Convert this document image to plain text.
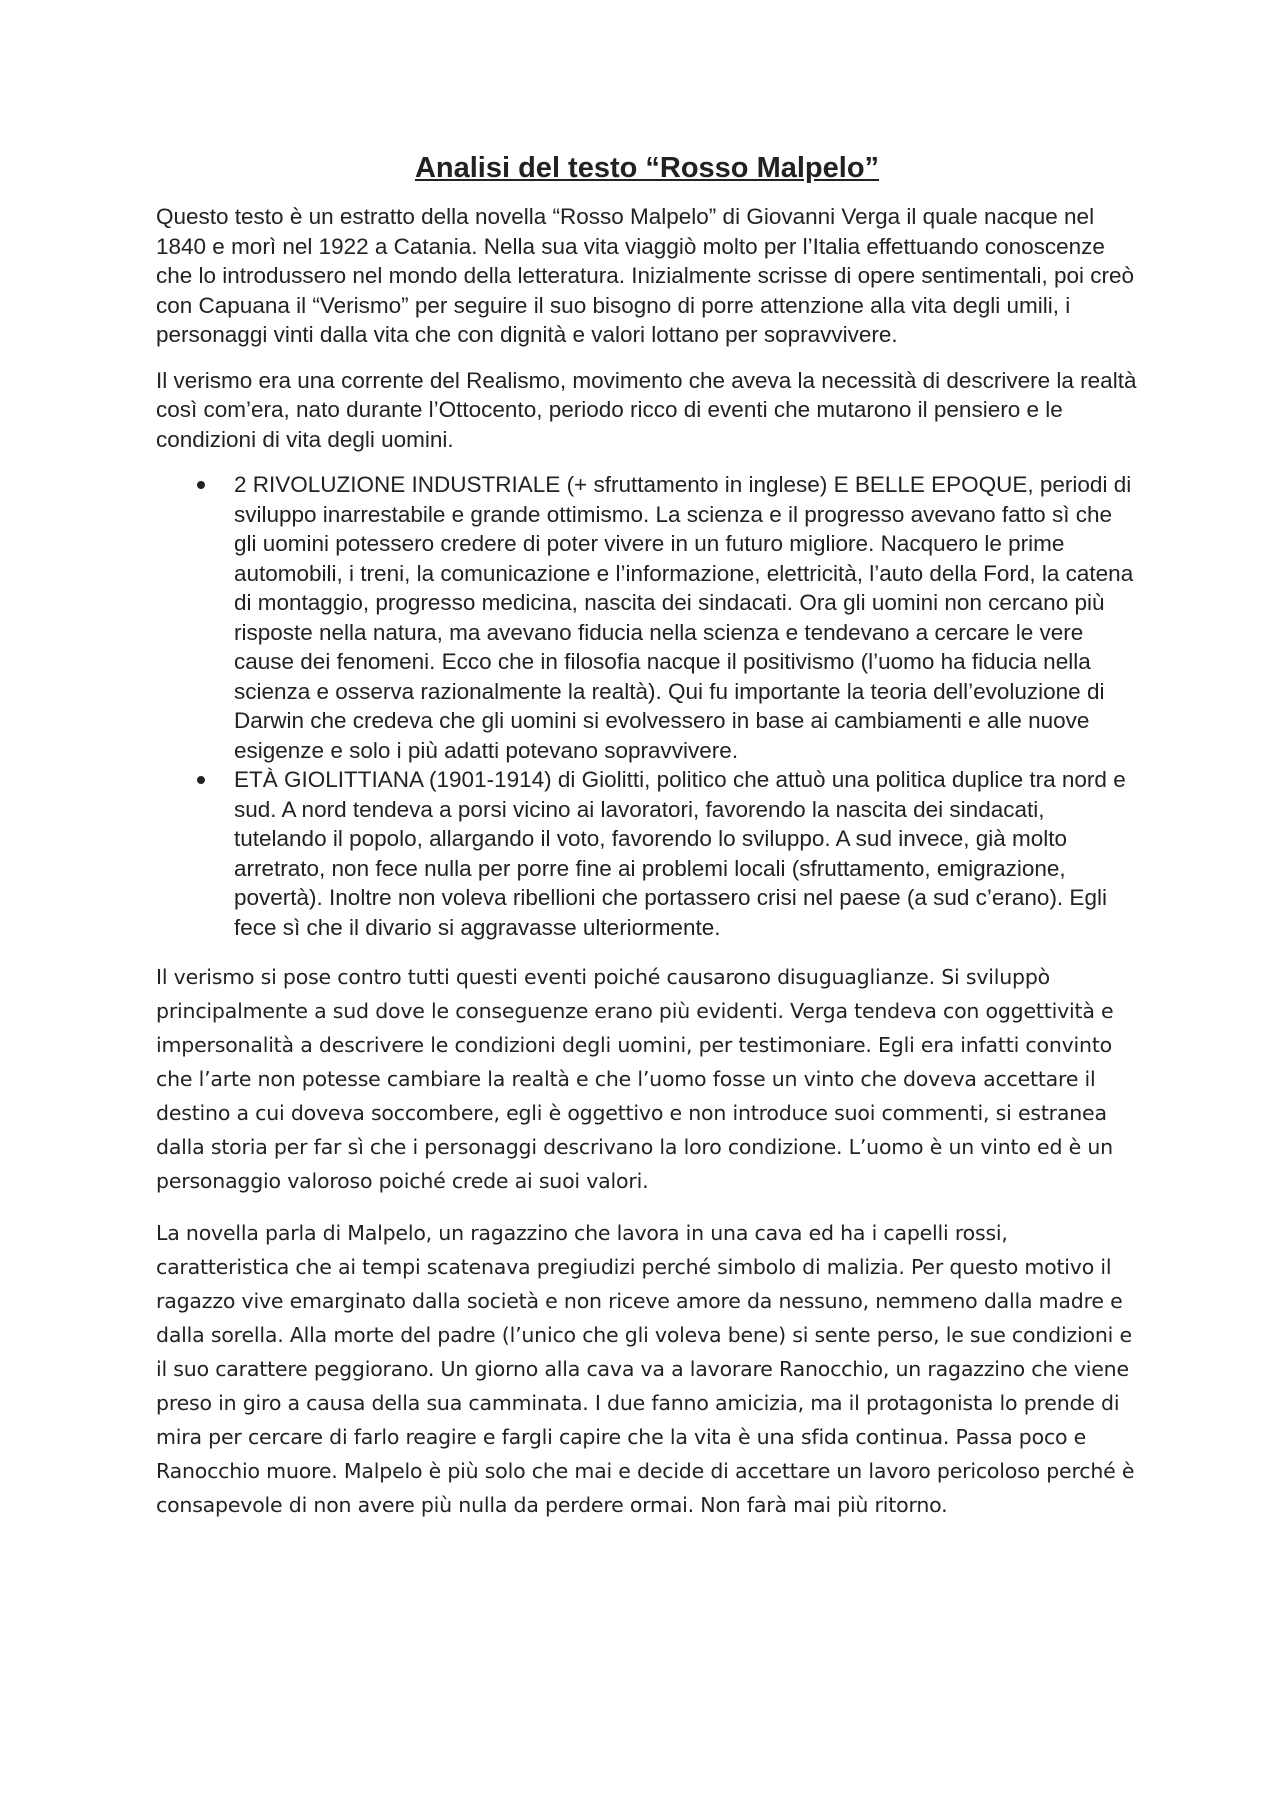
Analisi del testo “Rosso Malpelo”

Questo testo è un estratto della novella “Rosso Malpelo” di Giovanni Verga il quale nacque nel 1840 e morì nel 1922 a Catania. Nella sua vita viaggiò molto per l’Italia effettuando conoscenze che lo introdussero nel mondo della letteratura. Inizialmente scrisse di opere sentimentali, poi creò con Capuana il “Verismo” per seguire il suo bisogno di porre attenzione alla vita degli umili, i personaggi vinti dalla vita che con dignità e valori lottano per sopravvivere.

Il verismo era una corrente del Realismo, movimento che aveva la necessità di descrivere la realtà così com’era, nato durante l’Ottocento, periodo ricco di eventi che mutarono il pensiero e le condizioni di vita degli uomini.

2 RIVOLUZIONE INDUSTRIALE (+ sfruttamento in inglese) E BELLE EPOQUE, periodi di sviluppo inarrestabile e grande ottimismo. La scienza e il progresso avevano fatto sì che gli uomini potessero credere di poter vivere in un futuro migliore. Nacquero le prime automobili, i treni, la comunicazione e l’informazione, elettricità, l’auto della Ford, la catena di montaggio, progresso medicina, nascita dei sindacati. Ora gli uomini non cercano più risposte nella natura, ma avevano fiducia nella scienza e tendevano a cercare le vere cause dei fenomeni. Ecco che in filosofia nacque il positivismo (l’uomo ha fiducia nella scienza e osserva razionalmente la realtà). Qui fu importante la teoria dell’evoluzione di Darwin che credeva che gli uomini si evolvessero in base ai cambiamenti e alle nuove esigenze e solo i più adatti potevano sopravvivere.
ETÀ GIOLITTIANA (1901-1914) di Giolitti, politico che attuò una politica duplice tra nord e sud. A nord tendeva a porsi vicino ai lavoratori, favorendo la nascita dei sindacati, tutelando il popolo, allargando il voto, favorendo lo sviluppo. A sud invece, già molto arretrato, non fece nulla per porre fine ai problemi locali (sfruttamento, emigrazione, povertà). Inoltre non voleva ribellioni che portassero crisi nel paese (a sud c’erano). Egli fece sì che il divario si aggravasse ulteriormente.

Il verismo si pose contro tutti questi eventi poiché causarono disuguaglianze. Si sviluppò principalmente a sud dove le conseguenze erano più evidenti. Verga tendeva con oggettività e impersonalità a descrivere le condizioni degli uomini, per testimoniare. Egli era infatti convinto che l’arte non potesse cambiare la realtà e che l’uomo fosse un vinto che doveva accettare il destino a cui doveva soccombere, egli è oggettivo e non introduce suoi commenti, si estranea dalla storia per far sì che i personaggi descrivano la loro condizione. L’uomo è un vinto ed è un personaggio valoroso poiché crede ai suoi valori.

La novella parla di Malpelo, un ragazzino che lavora in una cava ed ha i capelli rossi, caratteristica che ai tempi scatenava pregiudizi perché simbolo di malizia. Per questo motivo il ragazzo vive emarginato dalla società e non riceve amore da nessuno, nemmeno dalla madre e dalla sorella. Alla morte del padre (l’unico che gli voleva bene) si sente perso, le sue condizioni e il suo carattere peggiorano. Un giorno alla cava va a lavorare Ranocchio, un ragazzino che viene preso in giro a causa della sua camminata. I due fanno amicizia, ma il protagonista lo prende di mira per cercare di farlo reagire e fargli capire che la vita è una sfida continua. Passa poco e Ranocchio muore. Malpelo è più solo che mai e decide di accettare un lavoro pericoloso perché è consapevole di non avere più nulla da perdere ormai. Non farà mai più ritorno.
